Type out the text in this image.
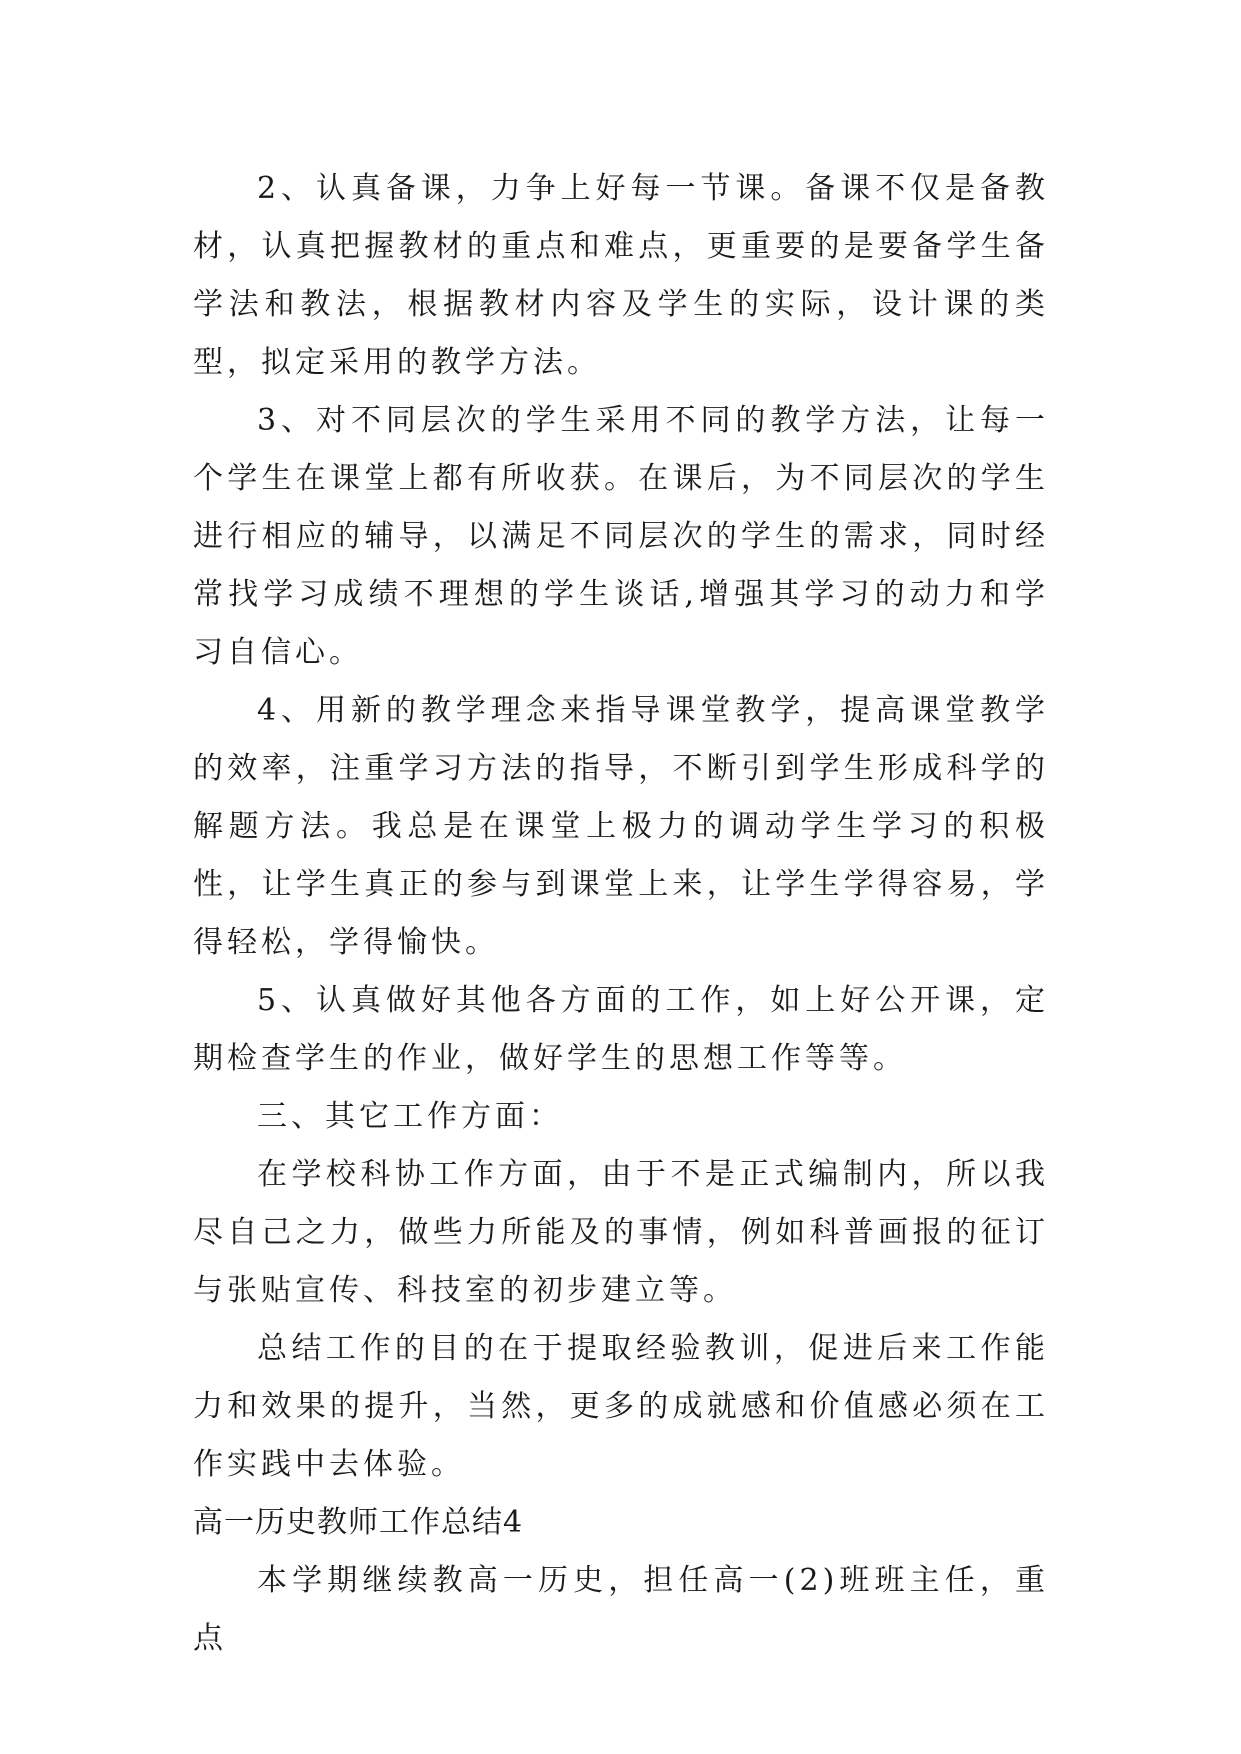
2、认真备课，力争上好每一节课。备课不仅是备教材，认真把握教材的重点和难点，更重要的是要备学生备学法和教法，根据教材内容及学生的实际，设计课的类型，拟定采用的教学方法。

3、对不同层次的学生采用不同的教学方法，让每一个学生在课堂上都有所收获。在课后，为不同层次的学生进行相应的辅导，以满足不同层次的学生的需求，同时经常找学习成绩不理想的学生谈话,增强其学习的动力和学习自信心。

4、用新的教学理念来指导课堂教学，提高课堂教学的效率，注重学习方法的指导，不断引到学生形成科学的解题方法。我总是在课堂上极力的调动学生学习的积极性，让学生真正的参与到课堂上来，让学生学得容易，学得轻松，学得愉快。

5、认真做好其他各方面的工作，如上好公开课，定期检查学生的作业，做好学生的思想工作等等。

三、其它工作方面：

在学校科协工作方面，由于不是正式编制内，所以我尽自己之力，做些力所能及的事情，例如科普画报的征订与张贴宣传、科技室的初步建立等。

总结工作的目的在于提取经验教训，促进后来工作能力和效果的提升，当然，更多的成就感和价值感必须在工作实践中去体验。

高一历史教师工作总结4

本学期继续教高一历史，担任高一(2)班班主任，重点
